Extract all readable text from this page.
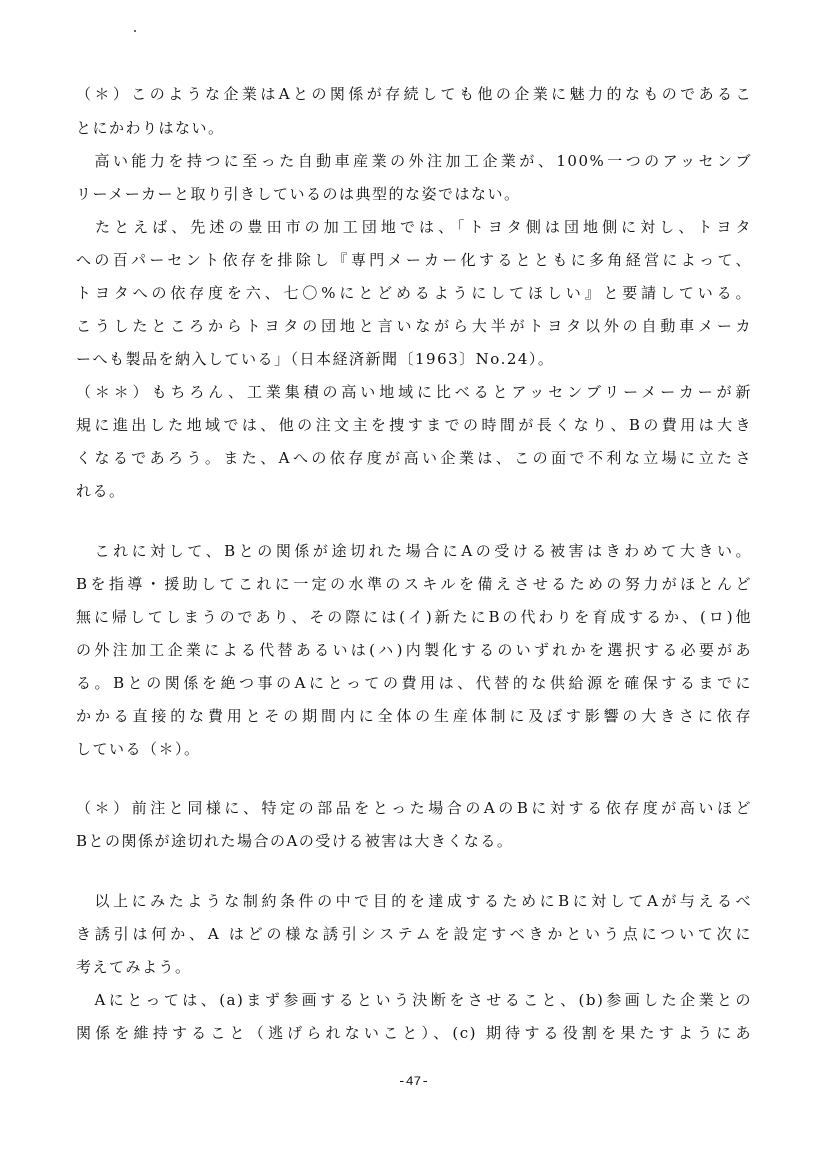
（＊）このような企業はAとの関係が存続しても他の企業に魅力的なものであるこ
とにかわりはない。
　高い能力を持つに至った自動車産業の外注加工企業が、100%一つのアッセンブ
リーメーカーと取り引きしているのは典型的な姿ではない。
　たとえば、先述の豊田市の加工団地では、「トヨタ側は団地側に対し、トヨタ
への百パーセント依存を排除し『専門メーカー化するとともに多角経営によって、
トヨタへの依存度を六、七〇%にとどめるようにしてほしい』と要請している。
こうしたところからトヨタの団地と言いながら大半がトヨタ以外の自動車メーカ
ーへも製品を納入している」（日本経済新聞〔1963〕No.24）。
（＊＊）もちろん、工業集積の高い地域に比べるとアッセンブリーメーカーが新
規に進出した地域では、他の注文主を捜すまでの時間が長くなり、Bの費用は大き
くなるであろう。また、Aへの依存度が高い企業は、この面で不利な立場に立たさ
れる。
　これに対して、Bとの関係が途切れた場合にAの受ける被害はきわめて大きい。
Bを指導・援助してこれに一定の水準のスキルを備えさせるための努力がほとんど
無に帰してしまうのであり、その際には(イ)新たにBの代わりを育成するか、(ロ)他
の外注加工企業による代替あるいは(ハ)内製化するのいずれかを選択する必要があ
る。Bとの関係を絶つ事のAにとっての費用は、代替的な供給源を確保するまでに
かかる直接的な費用とその期間内に全体の生産体制に及ぼす影響の大きさに依存
している（＊）。
（＊）前注と同様に、特定の部品をとった場合のAのBに対する依存度が高いほど
Bとの関係が途切れた場合のAの受ける被害は大きくなる。
　以上にみたような制約条件の中で目的を達成するためにBに対してAが与えるべ
き誘引は何か、A はどの様な誘引システムを設定すべきかという点について次に
考えてみよう。
　Aにとっては、(a)まず参画するという決断をさせること、(b)参画した企業との
関係を維持すること（逃げられないこと）、(c) 期待する役割を果たすようにあ
-47-
